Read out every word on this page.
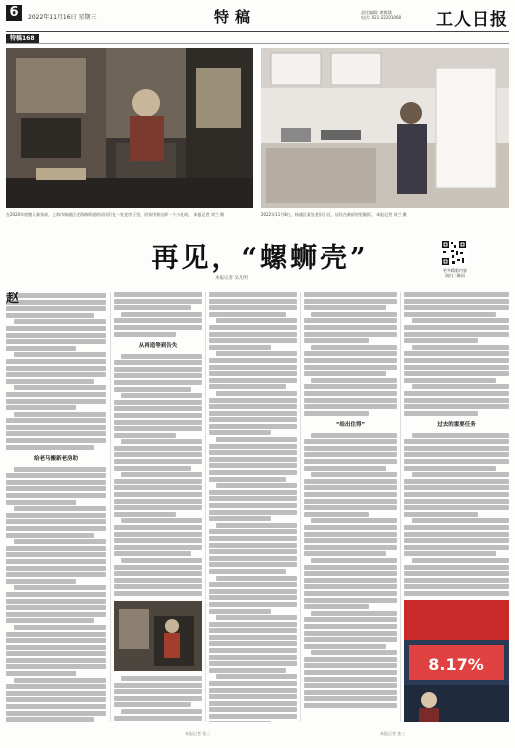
6	2022年11月16日 星期三	特稿	责任编辑: 黄敬涵
电话: 021-22101068	工人日报
特稿168
在2020年底搬入新家前，上海市杨浦区定海路街道的居民们在一处老房子里，居家用着这样一个小灶间。 本报记者 刘兰 摄	2022年11月8日，杨浦区某处老旧小区，居民在新厨房里做饭。 本报记者 刘兰 摄
再见，“螺蛳壳”
本报记者 吴凡明
更多精彩内容
请扫二维码
赵
给老马搬新老房助
从再造等到告失
“给出住得”	过去的重要任务
8.17%
本报记者 张三	本报记者 张三
